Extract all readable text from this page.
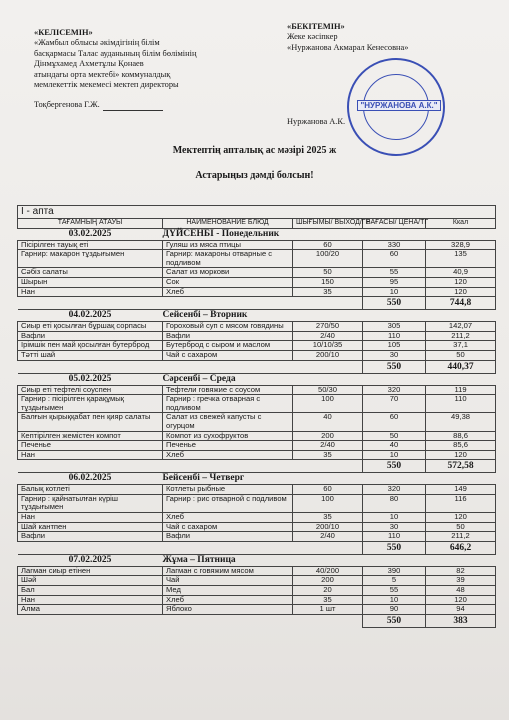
«КЕЛІСЕМІН»
«Жамбыл облысы әкімдігінің білім
басқармасы Талас ауданының білім бөлімінің
Дінмұхамед Ахметұлы Қонаев
атындағы орта мектебі» коммуналдық
мемлекеттік мекемесі мектеп директоры
Тоқбергенова Г.Ж.
«БЕКІТЕМІН»
Жеке кәсіпкер
«Нуржанова Акмарал Кенесовна»
Нуржанова А.К.
"НУРЖАНОВА А.К."
Мектептің апталық ас мәзірі 2025 ж
Астарыңыз дәмді болсын!
I - апта				
ТАҒАМНЫҢ АТАУЫ	НАИМЕНОВАНИЕ БЛЮД	ШЫҒЫМЫ/ ВЫХОД/ГР	БАҒАСЫ/ ЦЕНА/ТГ	Ккал
03.02.2025	ДҮЙСЕНБІ - Понедельник			
Пісірілген тауық еті	Гуляш из мяса птицы	60	330	328,9
Гарнир: макарон тұздығымен	Гарнир: макароны отварные с подливом	100/20	60	135
Сәбіз салаты	Салат из моркови	50	55	40,9
Шырын	Сок	150	95	120
Нан	Хлеб	35	10	120
			550	744,8
04.02.2025	Сейсенбі – Вторник			
Сиыр еті қосылған бұршақ сорпасы	Гороховый суп с мясом говядины	270/50	305	142,07
Вафли	Вафли	2/40	110	211,2
Ірімшік пен май қосылған бутерброд	Бутерброд с сыром и маслом	10/10/35	105	37,1
Тәтті шай	Чай с сахаром	200/10	30	50
			550	440,37
05.02.2025	Сәрсенбі – Среда			
Сиыр еті тефтелі соуспен	Тефтели говяжие с соусом	50/30	320	119
Гарнир : пісірілген қарақұмық тұздығымен	Гарнир : гречка отварная с подливом	100	70	110
Балғын қырыққабат пен қияр салаты	Салат из свежей капусты с огурцом	40	60	49,38
Кептірілген жемістен компот	Компот из сухофруктов	200	50	88,6
Печенье	Печенье	2/40	40	85,6
Нан	Хлеб	35	10	120
			550	572,58
06.02.2025	Бейсенбі – Четверг			
Балық котлеті	Котлеты рыбные	60	320	149
Гарнир : қайнатылған күріш тұздығымен	Гарнир : рис отварной с подливом	100	80	116
Нан	Хлеб	35	10	120
Шай кантпен	Чай с сахаром	200/10	30	50
Вафли	Вафли	2/40	110	211,2
			550	646,2
07.02.2025	Жұма – Пятница			
Лагман сиыр етінен	Лагман с говяжим мясом	40/200	390	82
Шәй	Чай	200	5	39
Бал	Мед	20	55	48
Нан	Хлеб	35	10	120
Алма	Яблоко	1 шт	90	94
			550	383
